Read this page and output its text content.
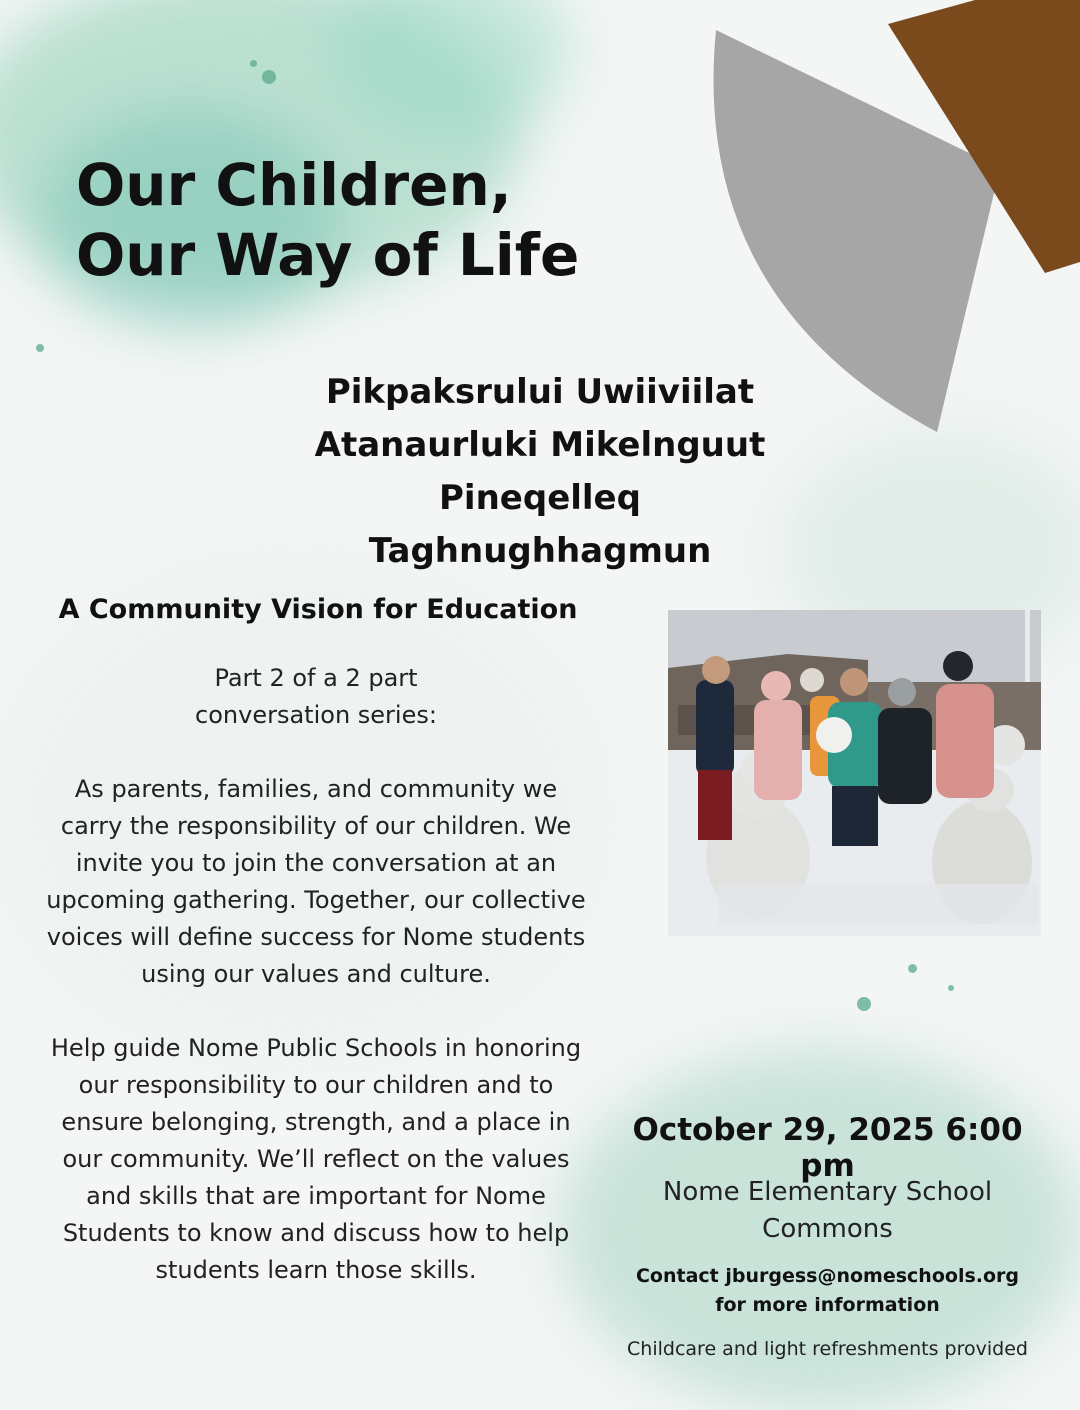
Our Children,
Our Way of Life
Pikpaksrului Uwiiviilat
Atanaurluki Mikelnguut
Pineqelleq Taghnughhagmun
A Community Vision for Education

Part 2 of a 2 part
conversation series:

As parents, families, and community we carry the responsibility of our children. We invite you to join the conversation at an upcoming gathering. Together, our collective voices will define success for Nome students using our values and culture.

Help guide Nome Public Schools in honoring our responsibility to our children and to ensure belonging, strength, and a place in our community. We’ll reflect on the values and skills that are important for Nome Students to know and discuss how to help students learn those skills.

October 29, 2025 6:00 pm
Nome Elementary School
Commons
Contact jburgess@nomeschools.org
for more information
Childcare and light refreshments provided
